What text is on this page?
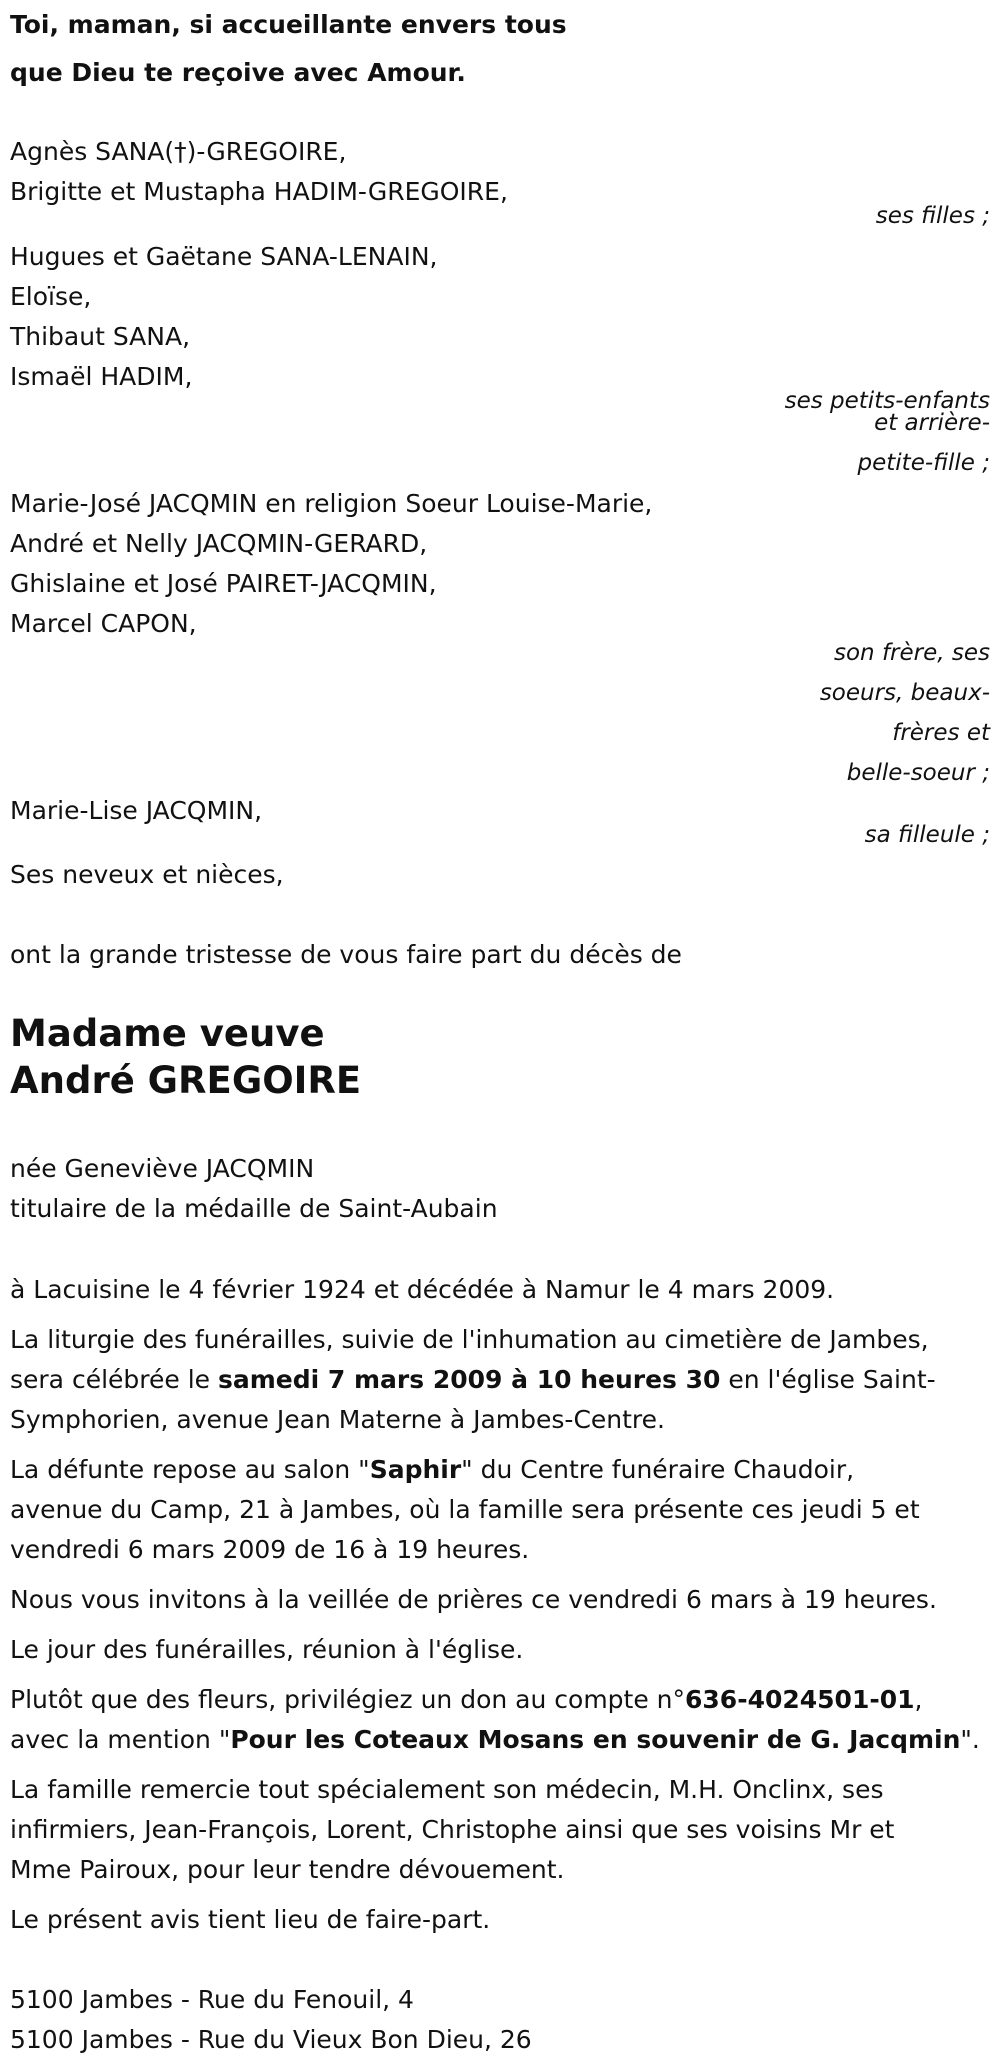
Toi, maman, si accueillante envers tous
que Dieu te reçoive avec Amour.
Agnès SANA(†)-GREGOIRE,
Brigitte et Mustapha HADIM-GREGOIRE,
ses filles ;
Hugues et Gaëtane SANA-LENAIN,
Eloïse,
Thibaut SANA,
Ismaël HADIM,
ses petits-enfants
et arrière-
petite-fille ;
Marie-José JACQMIN en religion Soeur Louise-Marie,
André et Nelly JACQMIN-GERARD,
Ghislaine et José PAIRET-JACQMIN,
Marcel CAPON,
son frère, ses
soeurs, beaux-
frères et
belle-soeur ;
Marie-Lise JACQMIN,
sa filleule ;
Ses neveux et nièces,
ont la grande tristesse de vous faire part du décès de
Madame veuve
André GREGOIRE
née Geneviève JACQMIN
titulaire de la médaille de Saint-Aubain
à Lacuisine le 4 février 1924 et décédée à Namur le 4 mars 2009.
La liturgie des funérailles, suivie de l'inhumation au cimetière de Jambes,
sera célébrée le samedi 7 mars 2009 à 10 heures 30 en l'église Saint-
Symphorien, avenue Jean Materne à Jambes-Centre.
La défunte repose au salon "Saphir" du Centre funéraire Chaudoir,
avenue du Camp, 21 à Jambes, où la famille sera présente ces jeudi 5 et
vendredi 6 mars 2009 de 16 à 19 heures.
Nous vous invitons à la veillée de prières ce vendredi 6 mars à 19 heures.
Le jour des funérailles, réunion à l'église.
Plutôt que des fleurs, privilégiez un don au compte n°636-4024501-01,
avec la mention "Pour les Coteaux Mosans en souvenir de G. Jacqmin".
La famille remercie tout spécialement son médecin, M.H. Onclinx, ses
infirmiers, Jean-François, Lorent, Christophe ainsi que ses voisins Mr et
Mme Pairoux, pour leur tendre dévouement.
Le présent avis tient lieu de faire-part.
5100 Jambes - Rue du Fenouil, 4
5100 Jambes - Rue du Vieux Bon Dieu, 26
